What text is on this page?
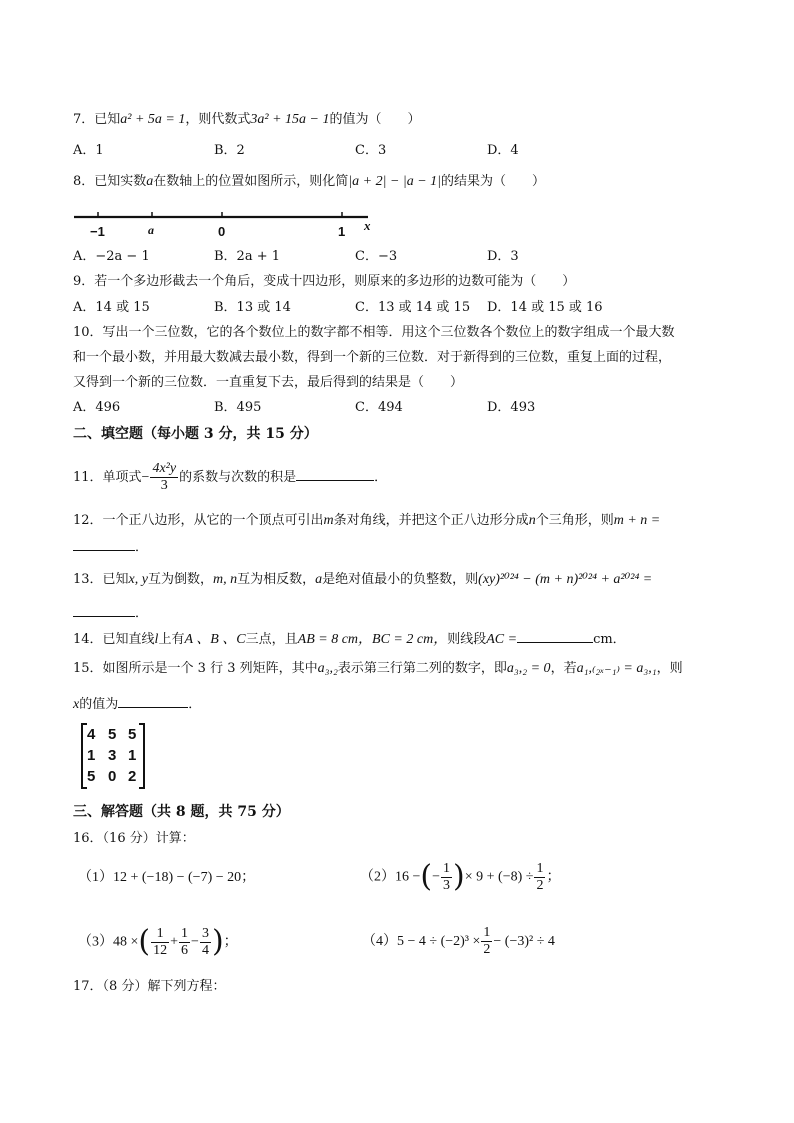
7．已知a² + 5a = 1，则代数式3a² + 15a − 1的值为（　　）
A．1	B．2	C．3	D．4
8．已知实数a在数轴上的位置如图所示，则化简|a + 2| − |a − 1|的结果为（　　）
−1	a	0	1 x
A．−2a − 1	B．2a + 1	C．−3	D．3
9．若一个多边形截去一个角后，变成十四边形，则原来的多边形的边数可能为（　　）
A．14 或 15	B．13 或 14	C．13 或 14 或 15 D．14 或 15 或 16
10．写出一个三位数，它的各个数位上的数字都不相等．用这个三位数各个数位上的数字组成一个最大数
和一个最小数，并用最大数减去最小数，得到一个新的三位数．对于新得到的三位数，重复上面的过程，
又得到一个新的三位数．一直重复下去，最后得到的结果是（　　）
A．496	B．495	C．494	D．493
二、填空题（每小题 3 分，共 15 分）
11．单项式− $\frac{\text{4x²y}}{3}$ 的系数与次数的积是	．
12．一个正八边形，从它的一个顶点可引出m条对角线，并把这个正八边形分成n个三角形，则m + n =
．
13．已知x, y互为倒数，m, n互为相反数，a是绝对值最小的负整数，则(xy)²⁰²⁴ − (m + n)²⁰²⁴ + a²⁰²⁴ =
．
14．已知直线l上有A 、B 、C三点，且AB = 8 cm，BC = 2 cm，则线段AC =	cm．
15．如图所示是一个 3 行 3 列矩阵，其中a₃,₂表示第三行第二列的数字，即a₃,₂ = 0，若a₁,₍₂ₓ₋₁₎ = a₃,₁，则
x的值为	．
4 5 5
1 3 1
5 0 2
三、解答题（共 8 题，共 75 分）
16．（16 分）计算：
（1）12 + (−18) − (−7) − 20；	（2）16 −(− $\frac{1}{3}$ )× $9 + (-8) \div \frac{1}{2}$ ；
（3）48 ×( $\frac{1}{12} + \frac{1}{6} - \frac{3}{4}$ )；	$(4)5 - 4 \div (-2)^3 \times \frac{1}{2} - (-3)^2 \div 4$
17．（8 分）解下列方程：
